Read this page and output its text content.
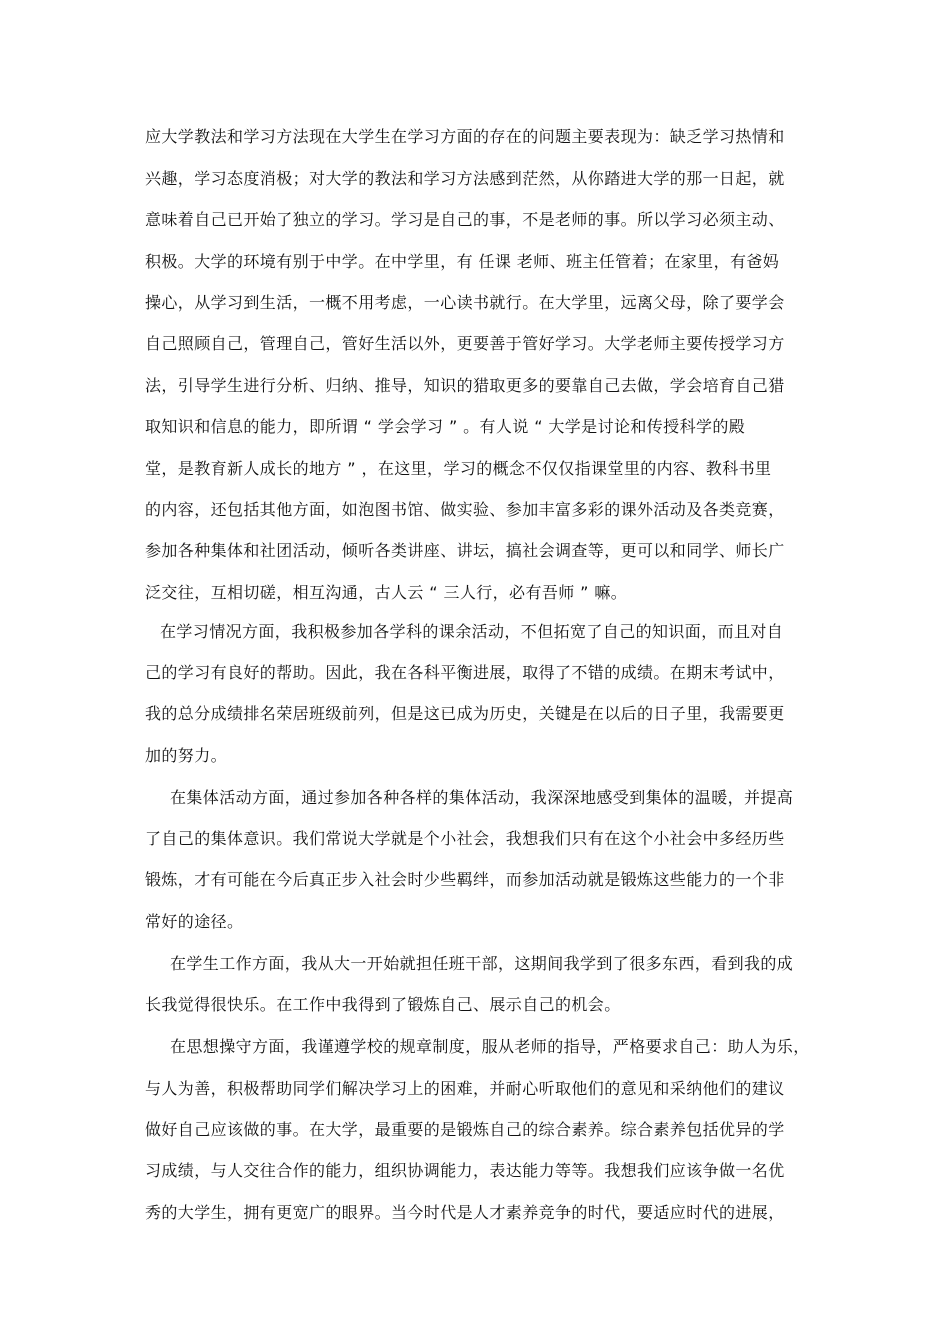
应大学教法和学习方法现在大学生在学习方面的存在的问题主要表现为：缺乏学习热情和
兴趣，学习态度消极；对大学的教法和学习方法感到茫然，从你踏进大学的那一日起，就
意味着自己已开始了独立的学习。学习是自己的事，不是老师的事。所以学习必须主动、
积极。大学的环境有别于中学。在中学里，有 任课 老师、班主任管着；在家里，有爸妈
操心，从学习到生活，一概不用考虑，一心读书就行。在大学里，远离父母，除了要学会
自己照顾自己，管理自己，管好生活以外，更要善于管好学习。大学老师主要传授学习方
法，引导学生进行分析、归纳、推导，知识的猎取更多的要靠自己去做，学会培育自己猎
取知识和信息的能力，即所谓 “ 学会学习 ” 。有人说 “ 大学是讨论和传授科学的殿
堂，是教育新人成长的地方 ” ，在这里，学习的概念不仅仅指课堂里的内容、教科书里
的内容，还包括其他方面，如泡图书馆、做实验、参加丰富多彩的课外活动及各类竞赛，
参加各种集体和社团活动，倾听各类讲座、讲坛，搞社会调查等，更可以和同学、师长广
泛交往，互相切磋，相互沟通，古人云 “ 三人行，必有吾师 ” 嘛。
在学习情况方面，我积极参加各学科的课余活动，不但拓宽了自己的知识面，而且对自
己的学习有良好的帮助。因此，我在各科平衡进展，取得了不错的成绩。在期末考试中，
我的总分成绩排名荣居班级前列，但是这已成为历史，关键是在以后的日子里，我需要更
加的努力。
在集体活动方面，通过参加各种各样的集体活动，我深深地感受到集体的温暖，并提高
了自己的集体意识。我们常说大学就是个小社会，我想我们只有在这个小社会中多经历些
锻炼，才有可能在今后真正步入社会时少些羁绊，而参加活动就是锻炼这些能力的一个非
常好的途径。
在学生工作方面，我从大一开始就担任班干部，这期间我学到了很多东西，看到我的成
长我觉得很快乐。在工作中我得到了锻炼自己、展示自己的机会。
在思想操守方面，我谨遵学校的规章制度，服从老师的指导，严格要求自己：助人为乐，
与人为善，积极帮助同学们解决学习上的困难，并耐心听取他们的意见和采纳他们的建议
做好自己应该做的事。在大学，最重要的是锻炼自己的综合素养。综合素养包括优异的学
习成绩，与人交往合作的能力，组织协调能力，表达能力等等。我想我们应该争做一名优
秀的大学生，拥有更宽广的眼界。当今时代是人才素养竞争的时代，要适应时代的进展，
